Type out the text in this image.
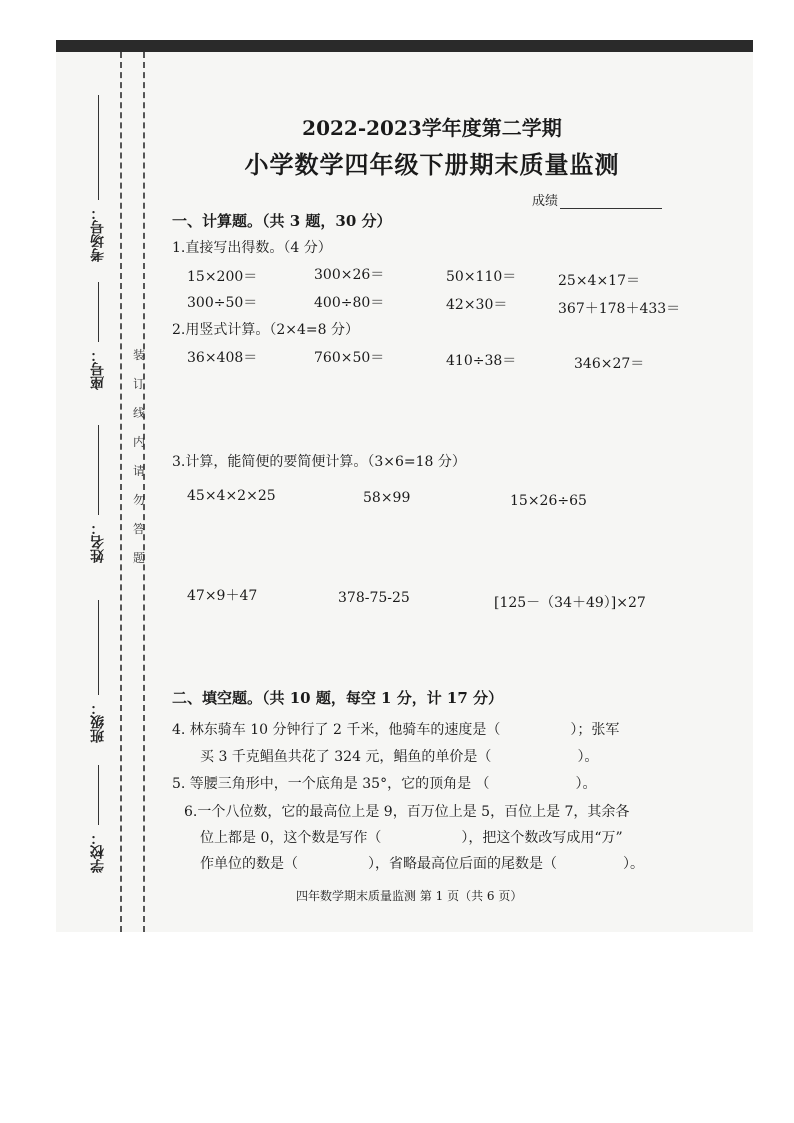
考场号：
座号：
姓名：
班级：
学校：
装
订
线
内
请
勿
答
题
2022-2023学年度第二学期
小学数学四年级下册期末质量监测
成绩
一、计算题。（共 3 题，30 分）
1.直接写出得数。（4 分）
15×200＝	300×26＝	50×110＝	25×4×17＝
300÷50＝	400÷80＝	42×30＝	367＋178＋433＝
2.用竖式计算。（2×4=8 分）
36×408＝	760×50＝	410÷38＝	346×27＝
3.计算，能简便的要简便计算。（3×6=18 分）
45×4×2×25	58×99	15×26÷65
47×9＋47	378-75-25	[125－（34＋49）]×27
二、填空题。（共 10 题，每空 1 分，计 17 分）
4. 林东骑车 10 分钟行了 2 千米，他骑车的速度是（	）；张军
买 3 千克鲳鱼共花了 324 元，鲳鱼的单价是（	）。
5. 等腰三角形中，一个底角是 35°，它的顶角是 （	）。
6.一个八位数，它的最高位上是 9，百万位上是 5，百位上是 7，其余各
位上都是 0，这个数是写作（	），把这个数改写成用“万”
作单位的数是（	），省略最高位后面的尾数是（	）。
四年数学期末质量监测 第 1 页（共 6 页）
